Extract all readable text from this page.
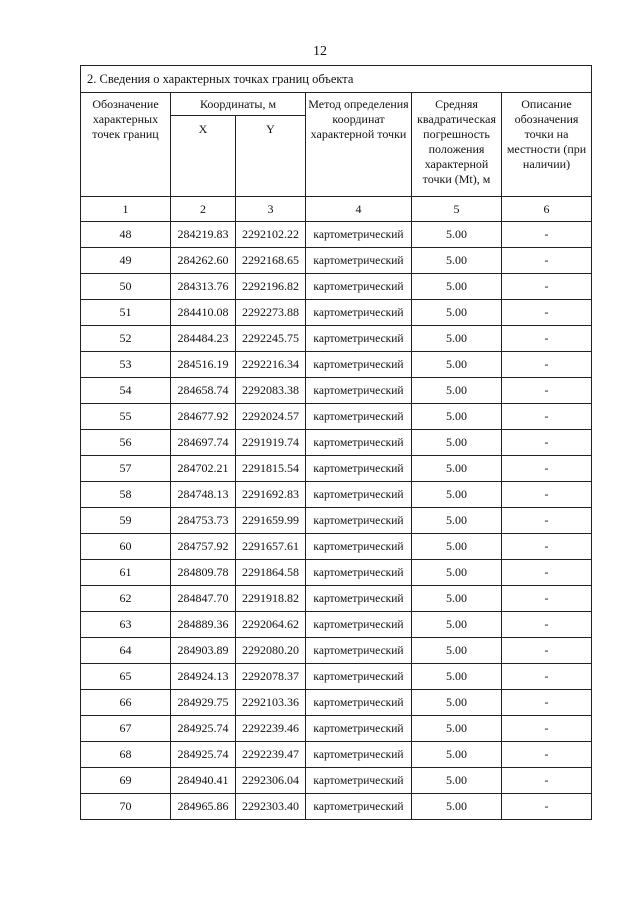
12
2. Сведения о характерных точках границ объекта					
Обозначение характерных точек границ	Координаты, м		Метод определения координат характерной точки	Средняя квадратическая погрешность положения характерной точки (Mt), м	Описание обозначения точки на местности (при наличии)
	X	Y			
1	2	3	4	5	6
48	284219.83	2292102.22	картометрический	5.00	-
49	284262.60	2292168.65	картометрический	5.00	-
50	284313.76	2292196.82	картометрический	5.00	-
51	284410.08	2292273.88	картометрический	5.00	-
52	284484.23	2292245.75	картометрический	5.00	-
53	284516.19	2292216.34	картометрический	5.00	-
54	284658.74	2292083.38	картометрический	5.00	-
55	284677.92	2292024.57	картометрический	5.00	-
56	284697.74	2291919.74	картометрический	5.00	-
57	284702.21	2291815.54	картометрический	5.00	-
58	284748.13	2291692.83	картометрический	5.00	-
59	284753.73	2291659.99	картометрический	5.00	-
60	284757.92	2291657.61	картометрический	5.00	-
61	284809.78	2291864.58	картометрический	5.00	-
62	284847.70	2291918.82	картометрический	5.00	-
63	284889.36	2292064.62	картометрический	5.00	-
64	284903.89	2292080.20	картометрический	5.00	-
65	284924.13	2292078.37	картометрический	5.00	-
66	284929.75	2292103.36	картометрический	5.00	-
67	284925.74	2292239.46	картометрический	5.00	-
68	284925.74	2292239.47	картометрический	5.00	-
69	284940.41	2292306.04	картометрический	5.00	-
70	284965.86	2292303.40	картометрический	5.00	-
